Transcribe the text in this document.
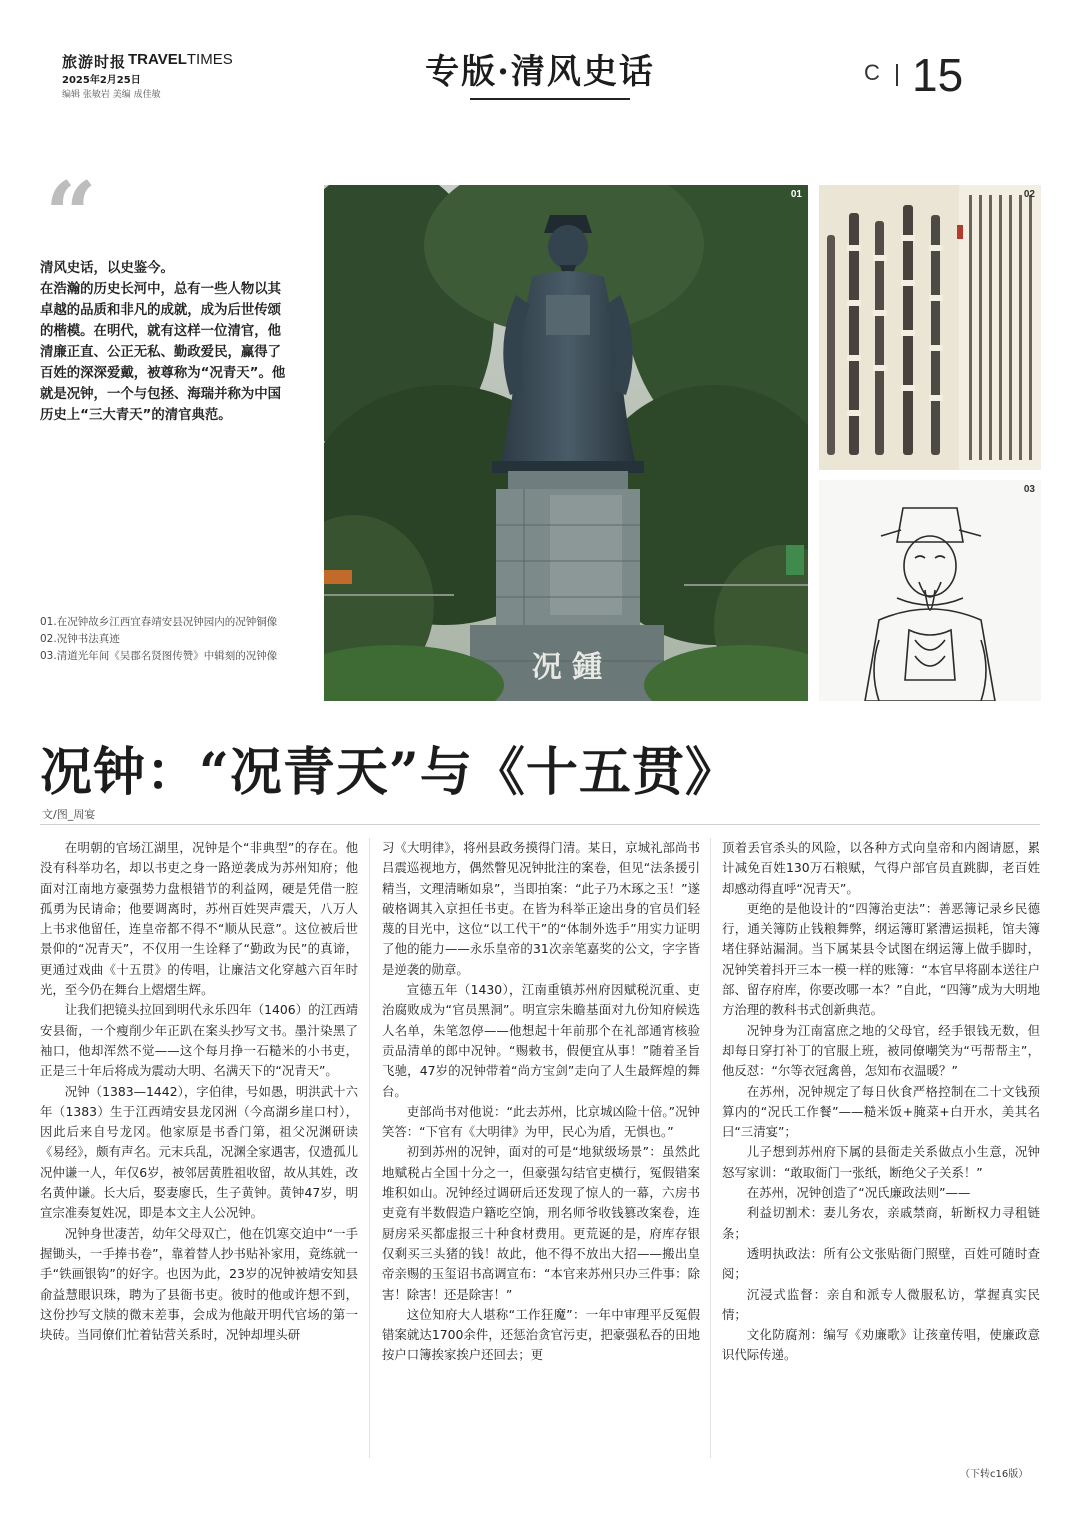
旅游时报 TRAVELTIMES
2025年2月25日
编辑 张敏岩 美编 成佳敏
专版·清风史话	C 15
“

清风史话，以史鉴今。

在浩瀚的历史长河中，总有一些人物以其卓越的品质和非凡的成就，成为后世传颂的楷模。在明代，就有这样一位清官，他清廉正直、公正无私、勤政爱民，赢得了百姓的深深爱戴，被尊称为“况青天”。他就是况钟，一个与包拯、海瑞并称为中国历史上“三大青天”的清官典范。

况 鍾
01	02
03
01.在况钟故乡江西宜春靖安县况钟园内的况钟铜像
02.况钟书法真迹
03.清道光年间《吴郡名贤图传赞》中辑刻的况钟像
况钟：“况青天”与《十五贯》
文/图_周宴

在明朝的官场江湖里，况钟是个“非典型”的存在。他没有科举功名，却以书吏之身一路逆袭成为苏州知府；他面对江南地方豪强势力盘根错节的利益网，硬是凭借一腔孤勇为民请命；他要调离时，苏州百姓哭声震天，八万人上书求他留任，连皇帝都不得不“顺从民意”。这位被后世景仰的“况青天”，不仅用一生诠释了“勤政为民”的真谛，更通过戏曲《十五贯》的传唱，让廉洁文化穿越六百年时光，至今仍在舞台上熠熠生辉。

让我们把镜头拉回到明代永乐四年（1406）的江西靖安县衙，一个瘦削少年正趴在案头抄写文书。墨汁染黑了袖口，他却浑然不觉——这个每月挣一石糙米的小书吏，正是三十年后将成为震动大明、名满天下的“况青天”。

况钟（1383—1442），字伯律，号如愚，明洪武十六年（1383）生于江西靖安县龙冈洲（今高湖乡崖口村），因此后来自号龙冈。他家原是书香门第，祖父况渊研读《易经》，颇有声名。元末兵乱，况渊全家遇害，仅遗孤儿况仲谦一人，年仅6岁，被邻居黄胜祖收留，故从其姓，改名黄仲谦。长大后，娶妻廖氏，生子黄钟。黄钟47岁，明宣宗准奏复姓况，即是本文主人公况钟。

况钟身世凄苦，幼年父母双亡，他在饥寒交迫中“一手握锄头，一手捧书卷”，靠着替人抄书贴补家用，竟练就一手“铁画银钩”的好字。也因为此，23岁的况钟被靖安知县俞益慧眼识珠，聘为了县衙书吏。彼时的他或许想不到，这份抄写文牍的微末差事，会成为他敲开明代官场的第一块砖。当同僚们忙着钻营关系时，况钟却埋头研

习《大明律》，将州县政务摸得门清。某日，京城礼部尚书吕震巡视地方，偶然瞥见况钟批注的案卷，但见“法条援引精当，文理清晰如泉”，当即拍案：“此子乃木琢之玉！”遂破格调其入京担任书吏。在皆为科举正途出身的官员们轻蔑的目光中，这位“以工代干”的“体制外选手”用实力证明了他的能力——永乐皇帝的31次亲笔嘉奖的公文，字字皆是逆袭的勋章。

宣德五年（1430），江南重镇苏州府因赋税沉重、吏治腐败成为“官员黑洞”。明宣宗朱瞻基面对九份知府候选人名单，朱笔忽停——他想起十年前那个在礼部通宵核验贡品清单的郎中况钟。“赐敕书，假便宜从事！”随着圣旨飞驰，47岁的况钟带着“尚方宝剑”走向了人生最辉煌的舞台。

吏部尚书对他说：“此去苏州，比京城凶险十倍。”况钟笑答：“下官有《大明律》为甲，民心为盾，无惧也。”

初到苏州的况钟，面对的可是“地狱级场景”：虽然此地赋税占全国十分之一，但豪强勾结官吏横行，冤假错案堆积如山。况钟经过调研后还发现了惊人的一幕，六房书吏竟有半数假造户籍吃空饷，刑名师爷收钱篡改案卷，连厨房采买都虚报三十种食材费用。更荒诞的是，府库存银仅剩买三头猪的钱！故此，他不得不放出大招——搬出皇帝亲赐的玉玺诏书高调宣布：“本官来苏州只办三件事：除害！除害！还是除害！”

这位知府大人堪称“工作狂魔”：一年中审理平反冤假错案就达1700余件，还惩治贪官污吏，把豪强私吞的田地按户口簿挨家挨户还回去；更

顶着丢官杀头的风险，以各种方式向皇帝和内阁请愿，累计减免百姓130万石粮赋，气得户部官员直跳脚，老百姓却感动得直呼“况青天”。

更绝的是他设计的“四簿治吏法”：善恶簿记录乡民德行，通关簿防止钱粮舞弊，纲运簿盯紧漕运损耗，馆夫簿堵住驿站漏洞。当下属某县令试图在纲运簿上做手脚时，况钟笑着抖开三本一模一样的账簿：“本官早将副本送往户部、留存府库，你要改哪一本？”自此，“四簿”成为大明地方治理的教科书式创新典范。

况钟身为江南富庶之地的父母官，经手银钱无数，但却每日穿打补丁的官服上班，被同僚嘲笑为“丐帮帮主”，他反怼：“尔等衣冠禽兽，怎知布衣温暖？”

在苏州，况钟规定了每日伙食严格控制在二十文钱预算内的“况氏工作餐”——糙米饭+腌菜+白开水，美其名曰“三清宴”；

儿子想到苏州府下属的县衙走关系做点小生意，况钟怒写家训：“敢取衙门一张纸，断绝父子关系！”

在苏州，况钟创造了“况氏廉政法则”——

利益切割术：妻儿务农，亲戚禁商，斩断权力寻租链条；

透明执政法：所有公文张贴衙门照壁，百姓可随时查阅；

沉浸式监督：亲自和派专人微服私访，掌握真实民情；

文化防腐剂：编写《劝廉歌》让孩童传唱，使廉政意识代际传递。

（下转c16版）
